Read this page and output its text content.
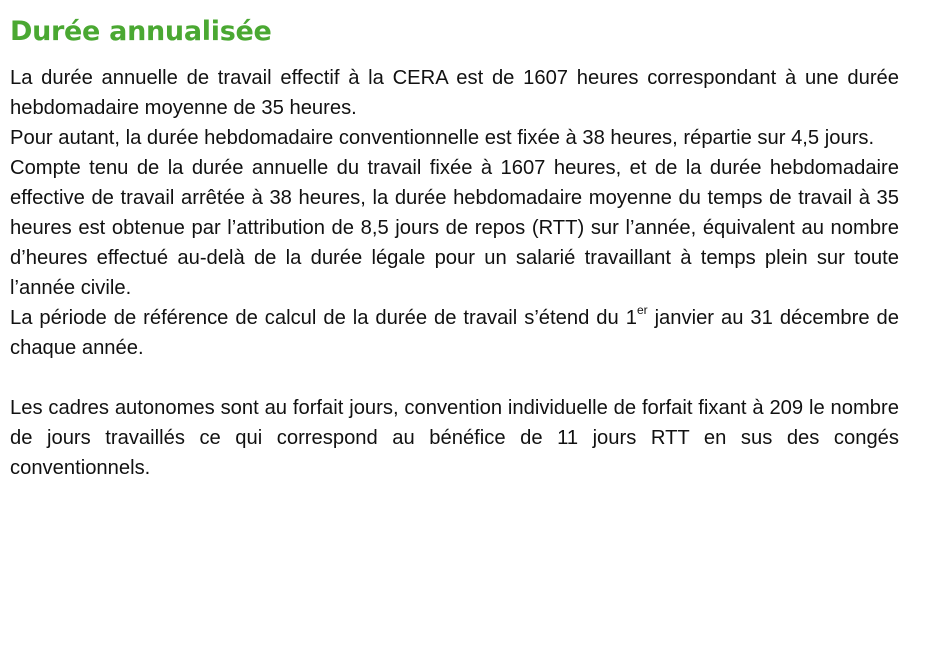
Durée annualisée

La durée annuelle de travail effectif à la CERA est de 1607 heures correspondant à une durée hebdomadaire moyenne de 35 heures.

Pour autant, la durée hebdomadaire conventionnelle est fixée à 38 heures, répartie sur 4,5 jours.

Compte tenu de la durée annuelle du travail fixée à 1607 heures, et de la durée hebdomadaire effective de travail arrêtée à 38 heures, la durée hebdomadaire moyenne du temps de travail à 35 heures est obtenue par l’attribution de 8,5 jours de repos (RTT) sur l’année, équivalent au nombre d’heures effectué au-delà de la durée légale pour un salarié travaillant à temps plein sur toute l’année civile.

La période de référence de calcul de la durée de travail s’étend du 1er janvier au 31 décembre de chaque année.

Les cadres autonomes sont au forfait jours, convention individuelle de forfait fixant à 209 le nombre de jours travaillés ce qui correspond au bénéfice de 11 jours RTT en sus des congés conventionnels.
